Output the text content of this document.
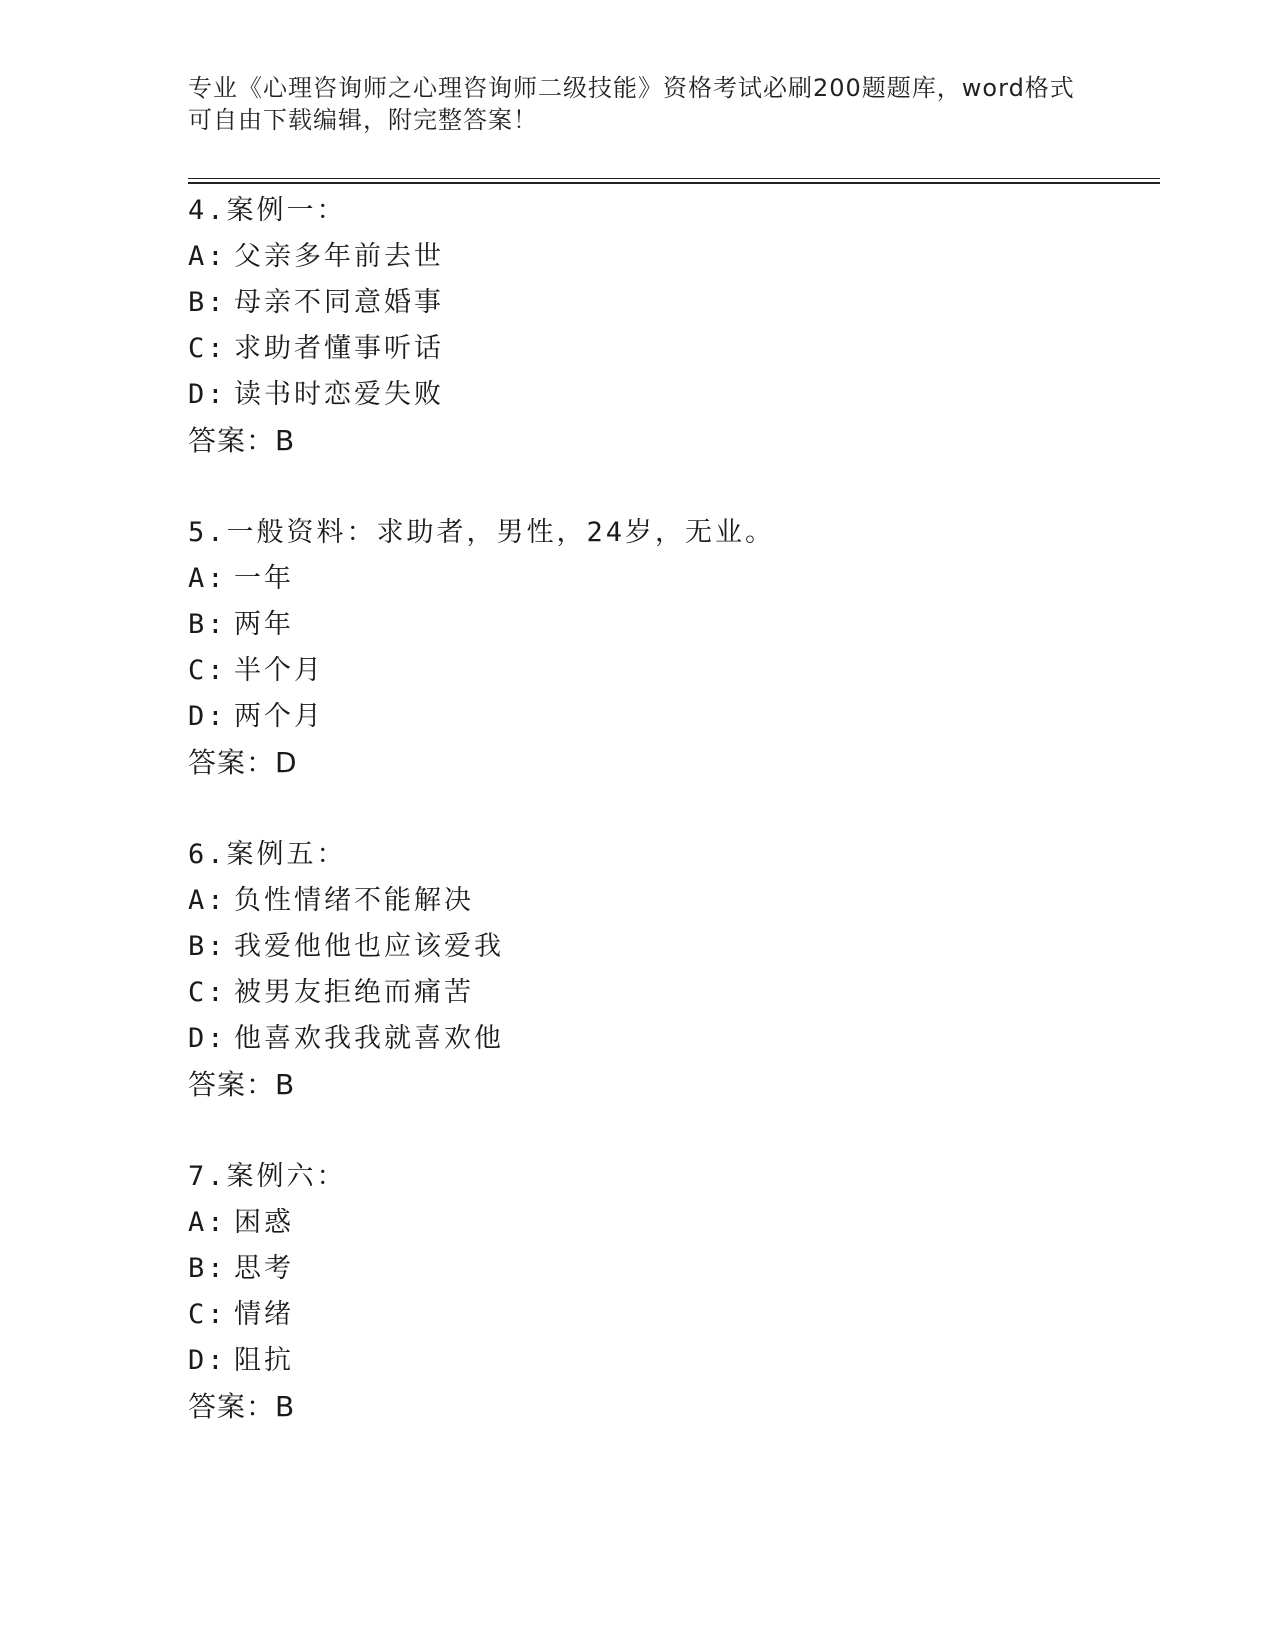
专业《心理咨询师之心理咨询师二级技能》资格考试必刷200题题库，word格式
可自由下载编辑，附完整答案！
4.案例一：
A: 父亲多年前去世
B: 母亲不同意婚事
C: 求助者懂事听话
D: 读书时恋爱失败
答案：B
5.一般资料：求助者，男性，24岁，无业。
A: 一年
B: 两年
C: 半个月
D: 两个月
答案：D
6.案例五：
A: 负性情绪不能解决
B: 我爱他他也应该爱我
C: 被男友拒绝而痛苦
D: 他喜欢我我就喜欢他
答案：B
7.案例六：
A: 困惑
B: 思考
C: 情绪
D: 阻抗
答案：B
